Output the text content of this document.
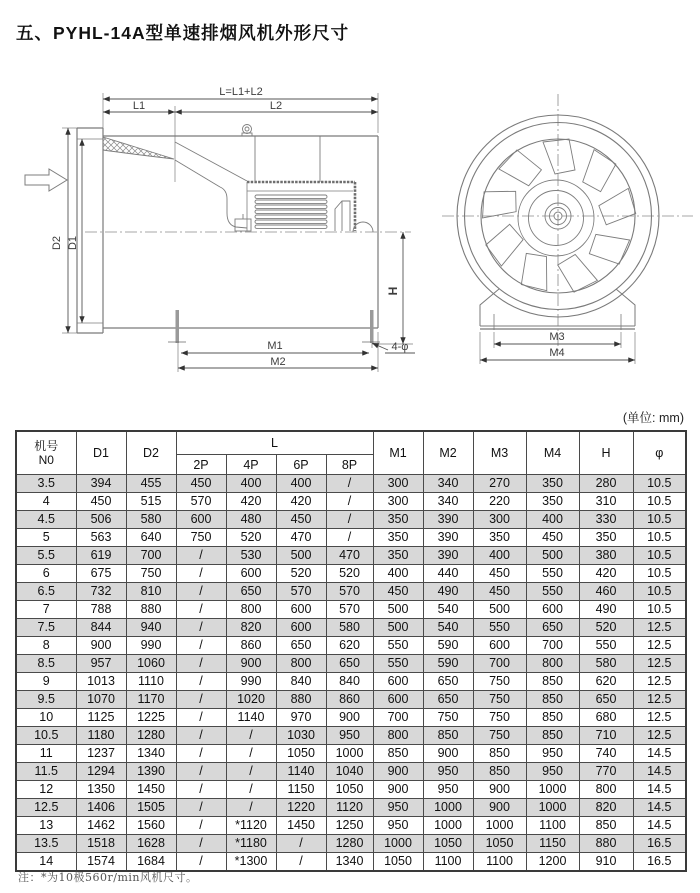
五、PYHL-14A型单速排烟风机外形尺寸
L=L1+L2
L1	L2
D2 D1
M1
M2
H
4-φ
M3
M4
(单位: mm)
机号
N0	D1	D2	L				M1	M2	M3	M4	H	φ
			2P	4P	6P	8P						
3.5	394	455	450	400	400	/	300	340	270	350	280	10.5
4	450	515	570	420	420	/	300	340	220	350	310	10.5
4.5	506	580	600	480	450	/	350	390	300	400	330	10.5
5	563	640	750	520	470	/	350	390	350	450	350	10.5
5.5	619	700	/	530	500	470	350	390	400	500	380	10.5
6	675	750	/	600	520	520	400	440	450	550	420	10.5
6.5	732	810	/	650	570	570	450	490	450	550	460	10.5
7	788	880	/	800	600	570	500	540	500	600	490	10.5
7.5	844	940	/	820	600	580	500	540	550	650	520	12.5
8	900	990	/	860	650	620	550	590	600	700	550	12.5
8.5	957	1060	/	900	800	650	550	590	700	800	580	12.5
9	1013	1110	/	990	840	840	600	650	750	850	620	12.5
9.5	1070	1170	/	1020	880	860	600	650	750	850	650	12.5
10	1125	1225	/	1140	970	900	700	750	750	850	680	12.5
10.5	1180	1280	/	/	1030	950	800	850	750	850	710	12.5
11	1237	1340	/	/	1050	1000	850	900	850	950	740	14.5
11.5	1294	1390	/	/	1140	1040	900	950	850	950	770	14.5
12	1350	1450	/	/	1150	1050	900	950	900	1000	800	14.5
12.5	1406	1505	/	/	1220	1120	950	1000	900	1000	820	14.5
13	1462	1560	/	*1120	1450	1250	950	1000	1000	1100	850	14.5
13.5	1518	1628	/	*1180	/	1280	1000	1050	1050	1150	880	16.5
14	1574	1684	/	*1300	/	1340	1050	1100	1100	1200	910	16.5
注：*为10极560r/min风机尺寸。
